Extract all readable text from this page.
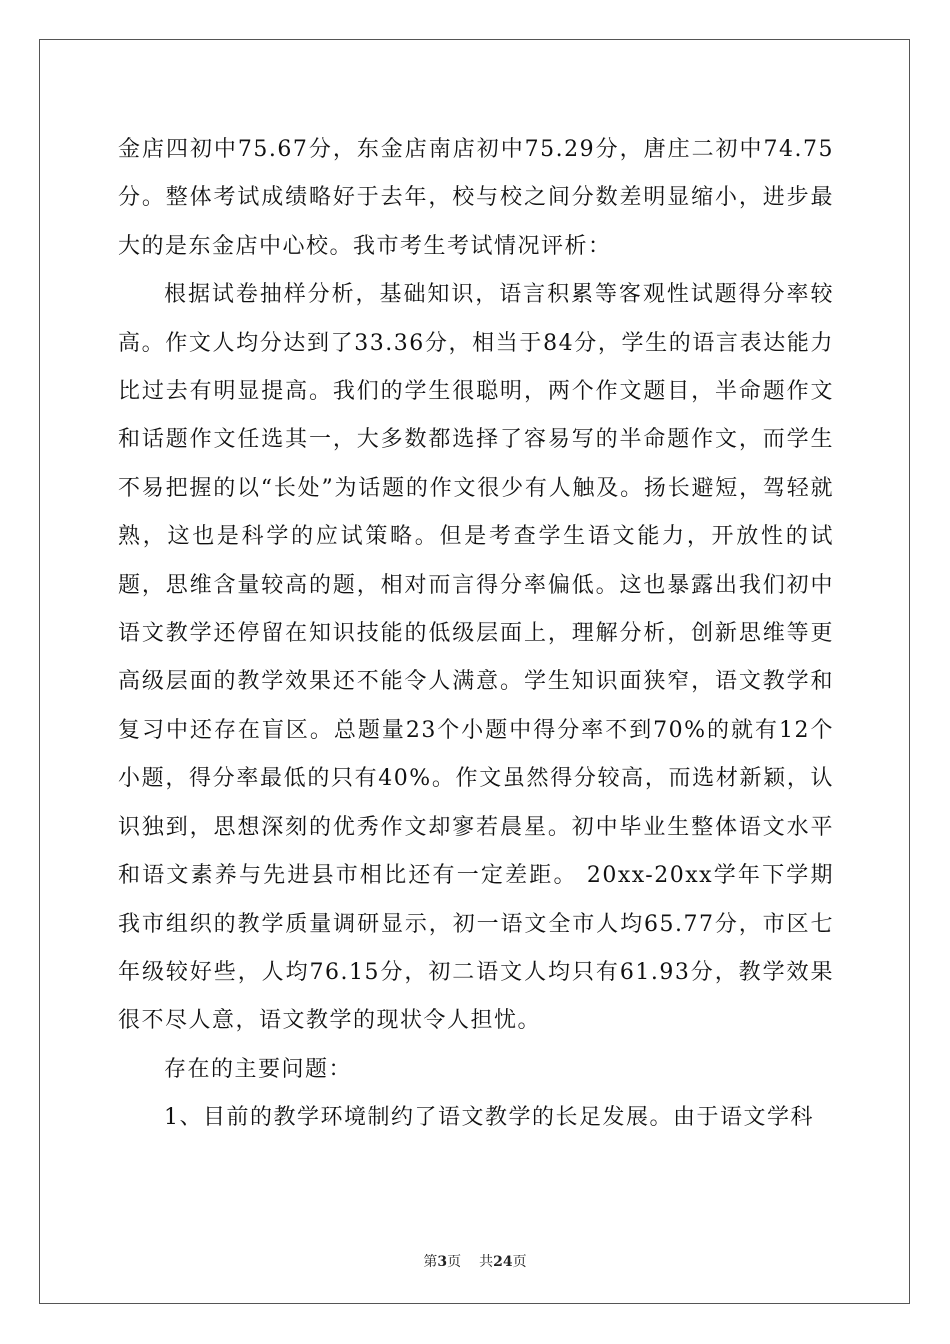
金店四初中75.67分，东金店南店初中75.29分，唐庄二初中74.75分。整体考试成绩略好于去年，校与校之间分数差明显缩小，进步最大的是东金店中心校。我市考生考试情况评析：

根据试卷抽样分析，基础知识，语言积累等客观性试题得分率较高。作文人均分达到了33.36分，相当于84分，学生的语言表达能力比过去有明显提高。我们的学生很聪明，两个作文题目，半命题作文和话题作文任选其一，大多数都选择了容易写的半命题作文，而学生不易把握的以“长处”为话题的作文很少有人触及。扬长避短，驾轻就熟，这也是科学的应试策略。但是考查学生语文能力，开放性的试题，思维含量较高的题，相对而言得分率偏低。这也暴露出我们初中语文教学还停留在知识技能的低级层面上，理解分析，创新思维等更高级层面的教学效果还不能令人满意。学生知识面狭窄，语文教学和复习中还存在盲区。总题量23个小题中得分率不到70%的就有12个小题，得分率最低的只有40%。作文虽然得分较高，而选材新颖，认识独到，思想深刻的优秀作文却寥若晨星。初中毕业生整体语文水平和语文素养与先进县市相比还有一定差距。 20xx-20xx学年下学期我市组织的教学质量调研显示，初一语文全市人均65.77分，市区七年级较好些，人均76.15分，初二语文人均只有61.93分，教学效果很不尽人意，语文教学的现状令人担忧。

存在的主要问题：

1、目前的教学环境制约了语文教学的长足发展。由于语文学科

第3页 共24页
